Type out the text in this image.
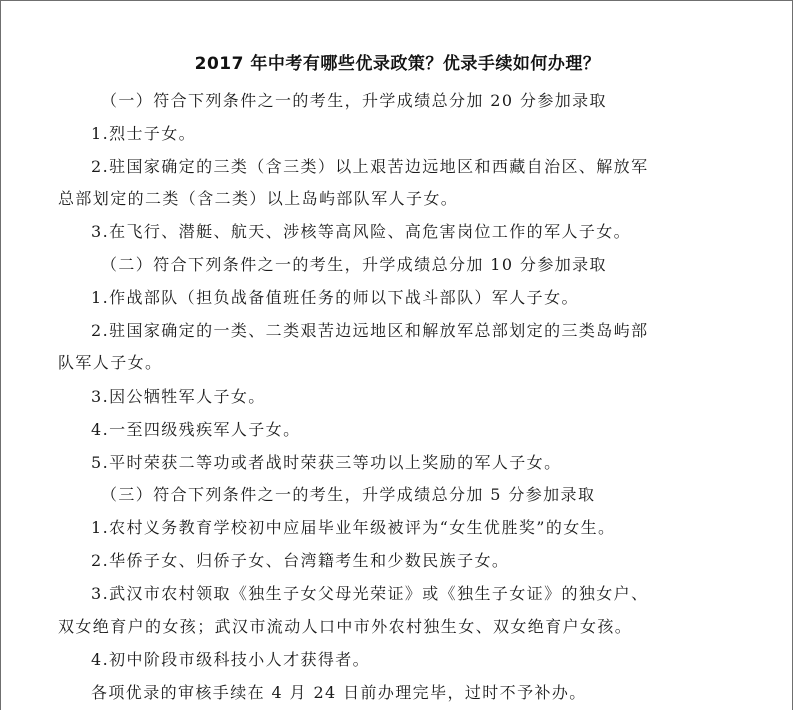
2017 年中考有哪些优录政策？优录手续如何办理？
（一）符合下列条件之一的考生，升学成绩总分加 20 分参加录取
1.烈士子女。
2.驻国家确定的三类（含三类）以上艰苦边远地区和西藏自治区、解放军
总部划定的二类（含二类）以上岛屿部队军人子女。
3.在飞行、潜艇、航天、涉核等高风险、高危害岗位工作的军人子女。
（二）符合下列条件之一的考生，升学成绩总分加 10 分参加录取
1.作战部队（担负战备值班任务的师以下战斗部队）军人子女。
2.驻国家确定的一类、二类艰苦边远地区和解放军总部划定的三类岛屿部
队军人子女。
3.因公牺牲军人子女。
4.一至四级残疾军人子女。
5.平时荣获二等功或者战时荣获三等功以上奖励的军人子女。
（三）符合下列条件之一的考生，升学成绩总分加 5 分参加录取
1.农村义务教育学校初中应届毕业年级被评为“女生优胜奖”的女生。
2.华侨子女、归侨子女、台湾籍考生和少数民族子女。
3.武汉市农村领取《独生子女父母光荣证》或《独生子女证》的独女户、
双女绝育户的女孩；武汉市流动人口中市外农村独生女、双女绝育户女孩。
4.初中阶段市级科技小人才获得者。
各项优录的审核手续在 4 月 24 日前办理完毕，过时不予补办。
